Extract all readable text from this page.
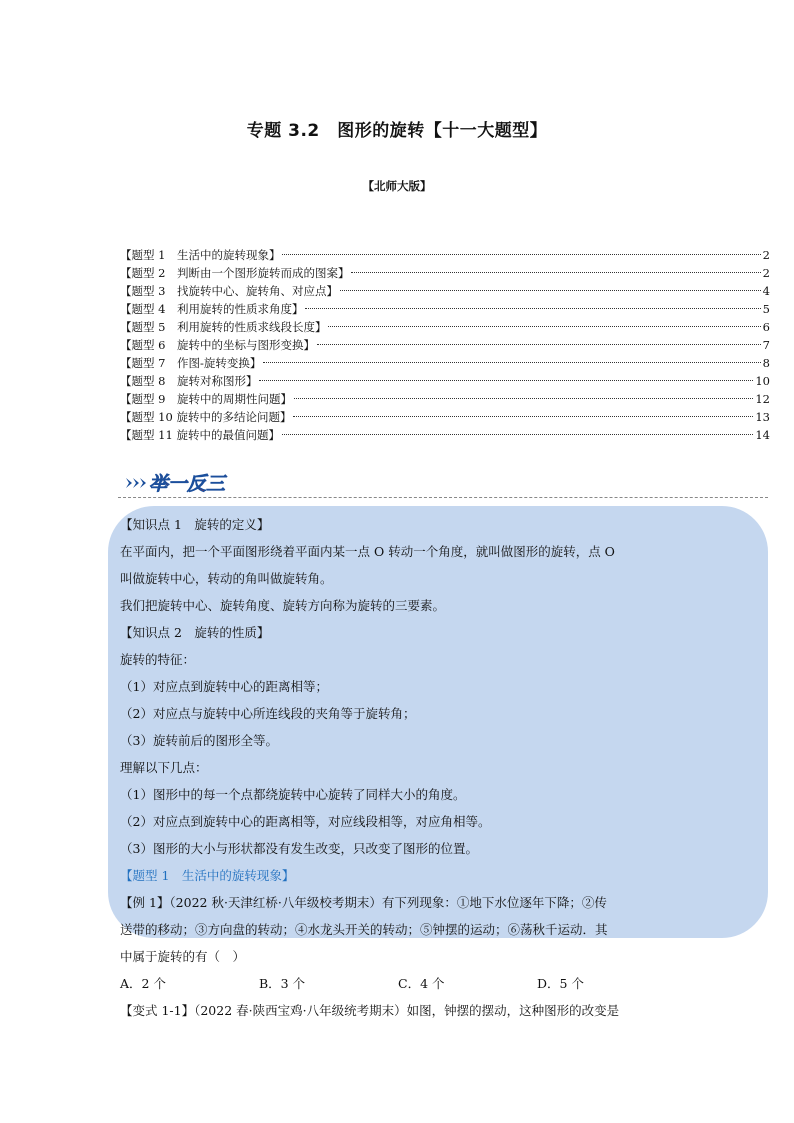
专题 3.2　图形的旋转【十一大题型】
【北师大版】
【题型 1　生活中的旋转现象】	2
【题型 2　判断由一个图形旋转而成的图案】	2
【题型 3　找旋转中心、旋转角、对应点】	4
【题型 4　利用旋转的性质求角度】	5
【题型 5　利用旋转的性质求线段长度】	6
【题型 6　旋转中的坐标与图形变换】	7
【题型 7　作图-旋转变换】	8
【题型 8　旋转对称图形】	10
【题型 9　旋转中的周期性问题】	12
【题型 10 旋转中的多结论问题】	13
【题型 11 旋转中的最值问题】	14
举一反三
【知识点 1　旋转的定义】
在平面内，把一个平面图形绕着平面内某一点 O 转动一个角度，就叫做图形的旋转，点 O
叫做旋转中心，转动的角叫做旋转角。
我们把旋转中心、旋转角度、旋转方向称为旋转的三要素。
【知识点 2　旋转的性质】
旋转的特征：
（1）对应点到旋转中心的距离相等；
（2）对应点与旋转中心所连线段的夹角等于旋转角；
（3）旋转前后的图形全等。
理解以下几点：
（1）图形中的每一个点都绕旋转中心旋转了同样大小的角度。
（2）对应点到旋转中心的距离相等，对应线段相等，对应角相等。
（3）图形的大小与形状都没有发生改变，只改变了图形的位置。
【题型 1　生活中的旋转现象】
【例 1】（2022 秋·天津红桥·八年级校考期末）有下列现象：①地下水位逐年下降；②传
送带的移动；③方向盘的转动；④水龙头开关的转动；⑤钟摆的运动；⑥荡秋千运动．其
中属于旋转的有（　）
A．2 个	B．3 个	C．4 个	D．5 个
【变式 1-1】（2022 春·陕西宝鸡·八年级统考期末）如图，钟摆的摆动，这种图形的改变是
